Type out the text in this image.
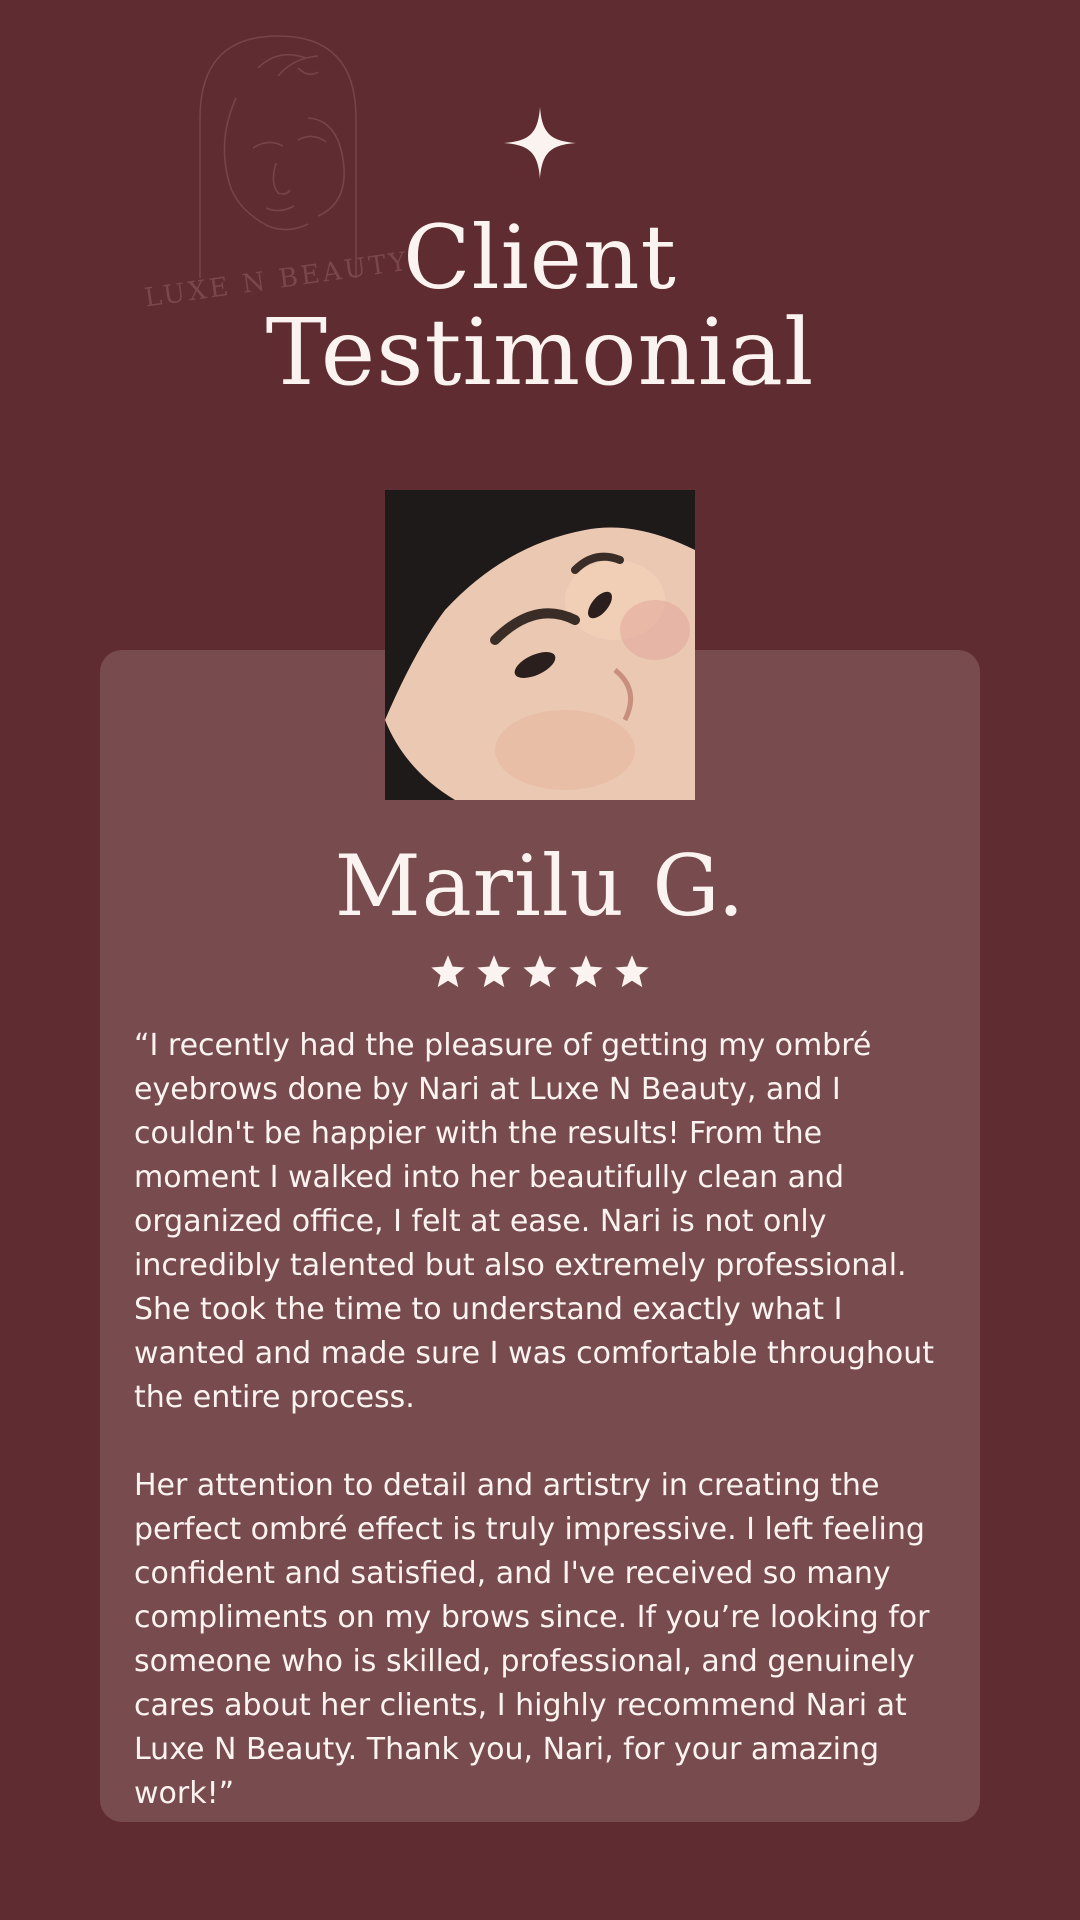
LUXE N BEAUTY
Client
Testimonial
Marilu G.

“I recently had the pleasure of getting my ombré eyebrows done by Nari at Luxe N Beauty, and I couldn't be happier with the results! From the moment I walked into her beautifully clean and organized office, I felt at ease. Nari is not only incredibly talented but also extremely professional. She took the time to understand exactly what I wanted and made sure I was comfortable throughout the entire process.

Her attention to detail and artistry in creating the perfect ombré effect is truly impressive. I left feeling confident and satisfied, and I've received so many compliments on my brows since. If you’re looking for someone who is skilled, professional, and genuinely cares about her clients, I highly recommend Nari at Luxe N Beauty. Thank you, Nari, for your amazing work!”
